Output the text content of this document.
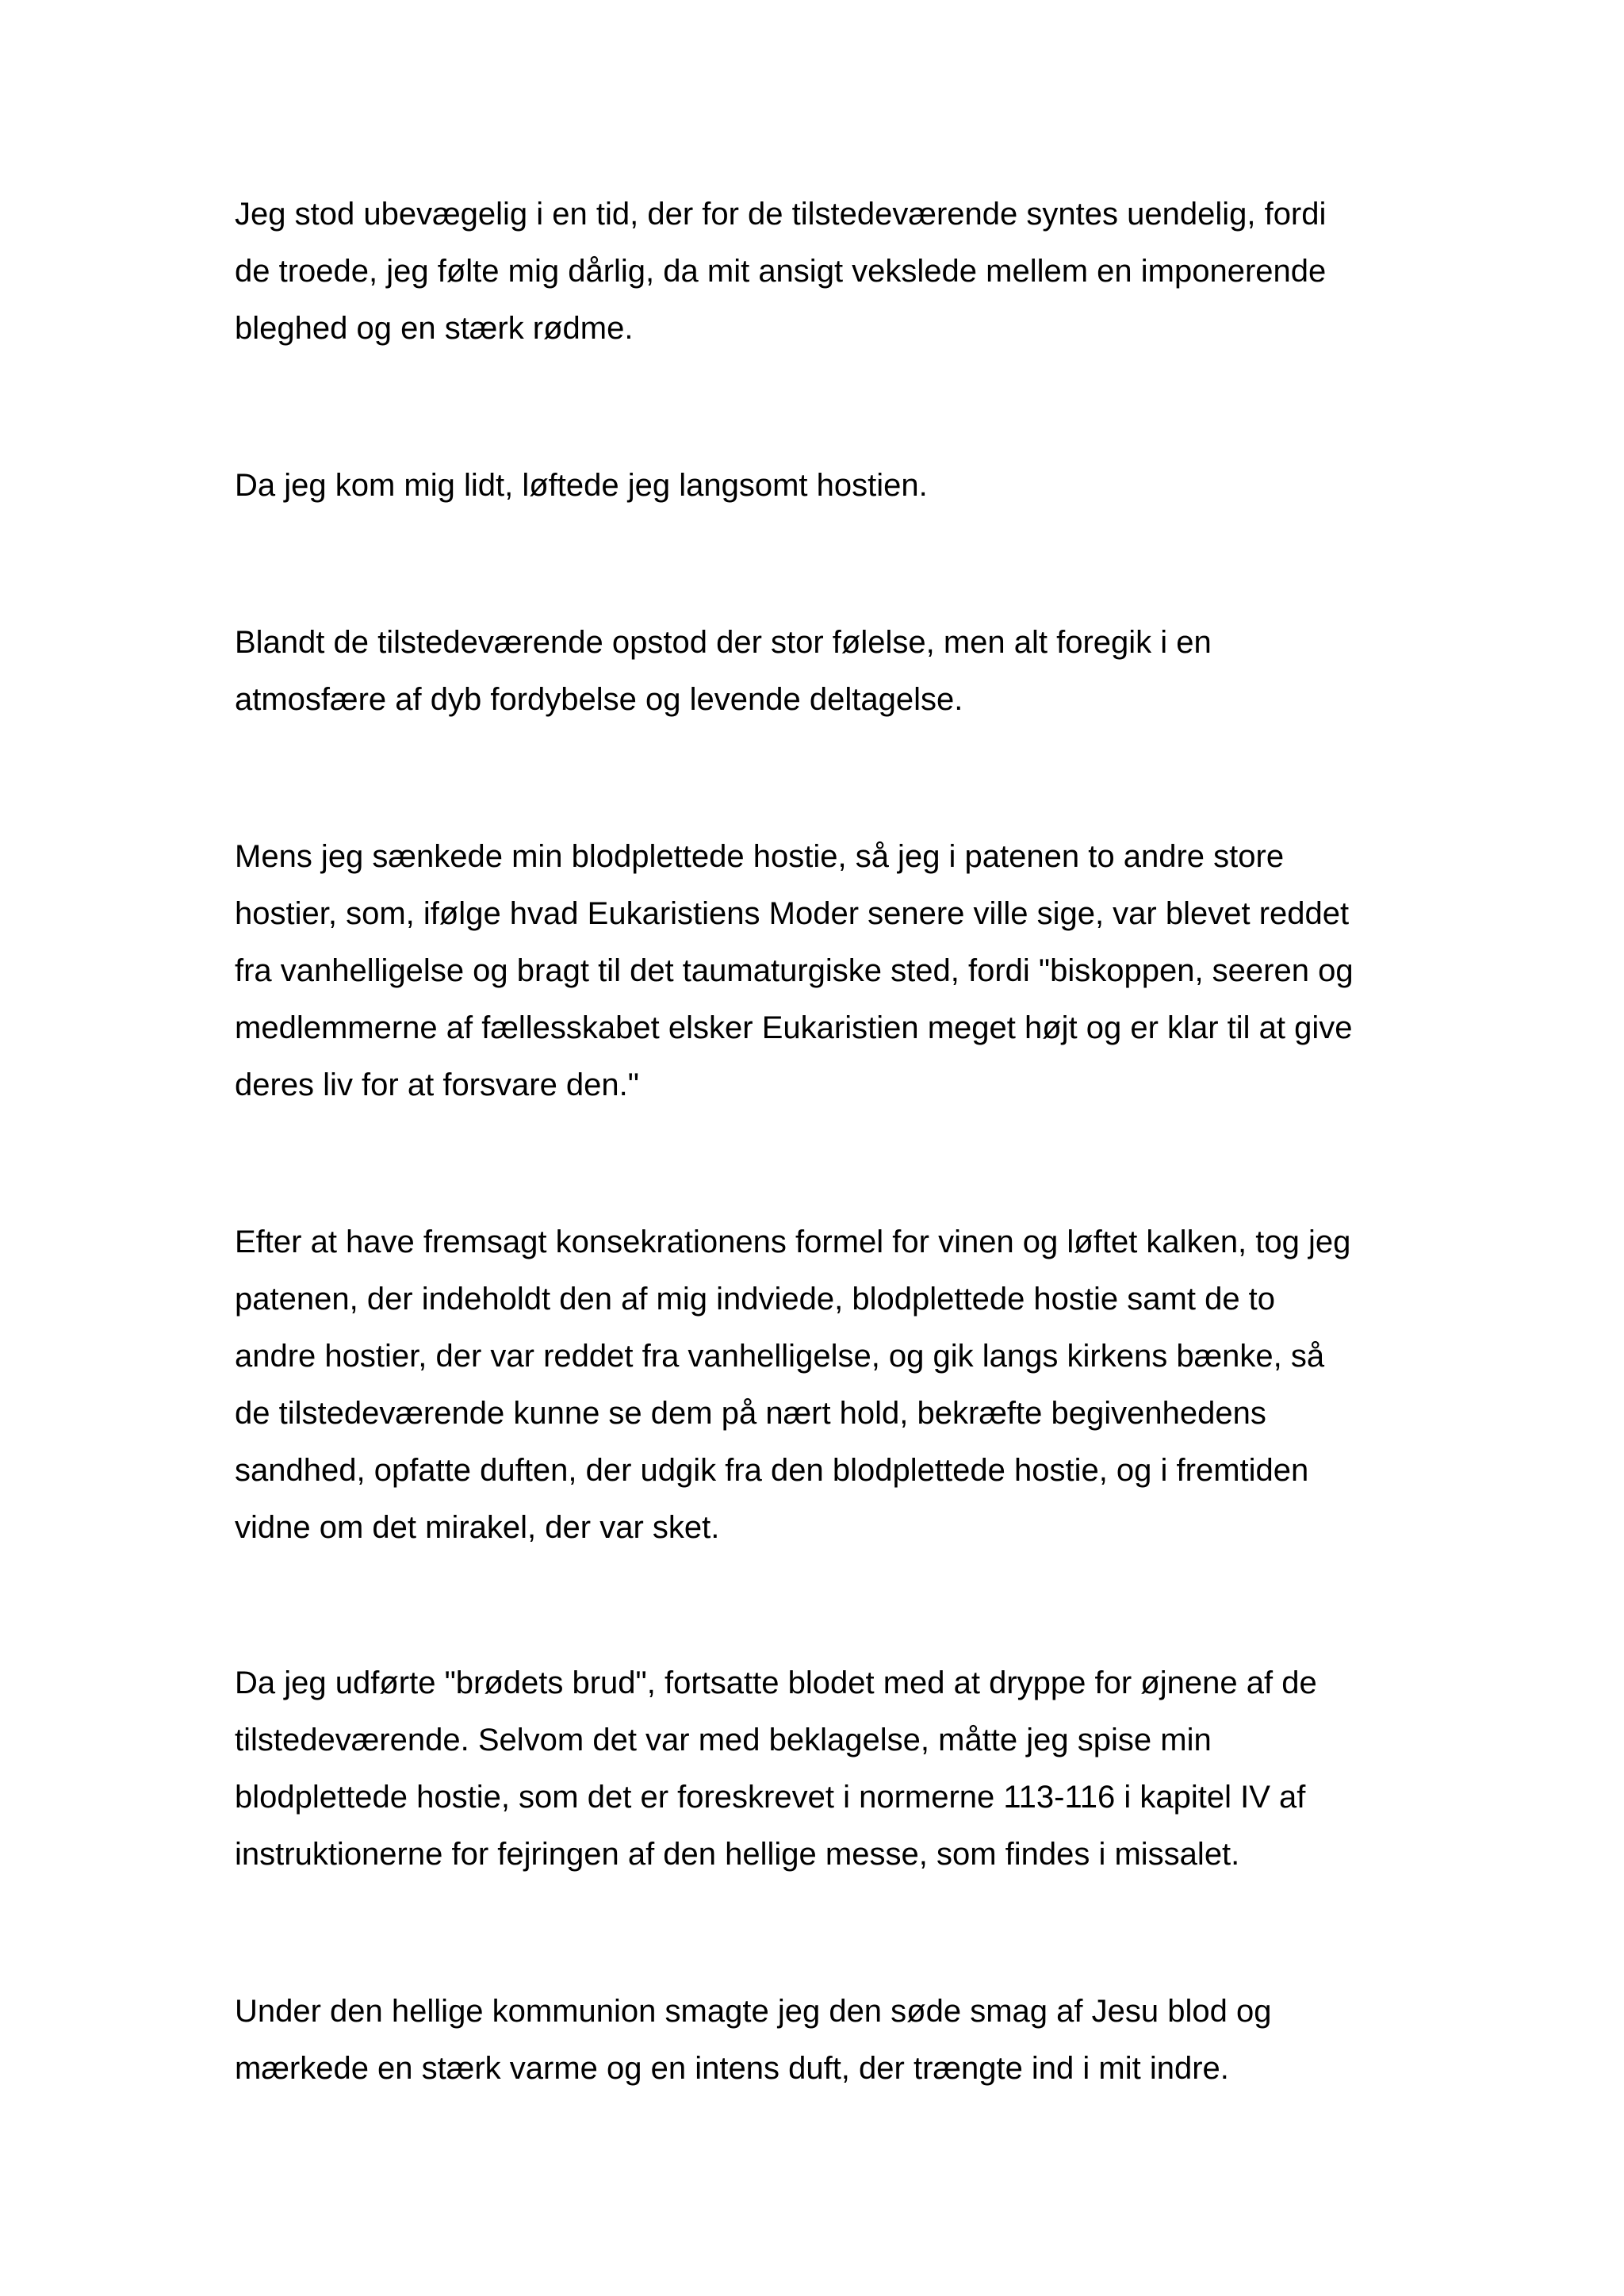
Jeg stod ubevægelig i en tid, der for de tilstedeværende syntes uendelig, fordi
de troede, jeg følte mig dårlig, da mit ansigt vekslede mellem en imponerende
bleghed og en stærk rødme.

Da jeg kom mig lidt, løftede jeg langsomt hostien.

Blandt de tilstedeværende opstod der stor følelse, men alt foregik i en
atmosfære af dyb fordybelse og levende deltagelse.

Mens jeg sænkede min blodplettede hostie, så jeg i patenen to andre store
hostier, som, ifølge hvad Eukaristiens Moder senere ville sige, var blevet reddet
fra vanhelligelse og bragt til det taumaturgiske sted, fordi "biskoppen, seeren og
medlemmerne af fællesskabet elsker Eukaristien meget højt og er klar til at give
deres liv for at forsvare den."

Efter at have fremsagt konsekrationens formel for vinen og løftet kalken, tog jeg
patenen, der indeholdt den af mig indviede, blodplettede hostie samt de to
andre hostier, der var reddet fra vanhelligelse, og gik langs kirkens bænke, så
de tilstedeværende kunne se dem på nært hold, bekræfte begivenhedens
sandhed, opfatte duften, der udgik fra den blodplettede hostie, og i fremtiden
vidne om det mirakel, der var sket.

Da jeg udførte "brødets brud", fortsatte blodet med at dryppe for øjnene af de
tilstedeværende. Selvom det var med beklagelse, måtte jeg spise min
blodplettede hostie, som det er foreskrevet i normerne 113-116 i kapitel IV af
instruktionerne for fejringen af den hellige messe, som findes i missalet.

Under den hellige kommunion smagte jeg den søde smag af Jesu blod og
mærkede en stærk varme og en intens duft, der trængte ind i mit indre.
